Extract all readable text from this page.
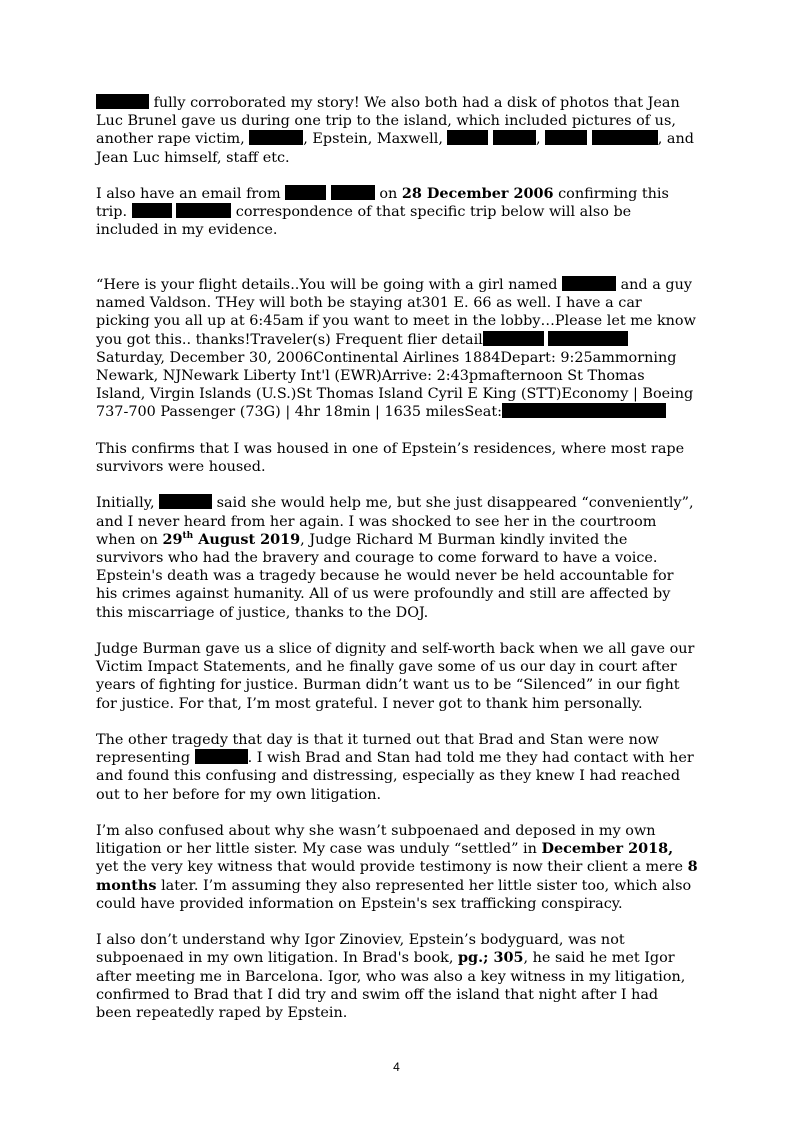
fully corroborated my story! We also both had a disk of photos that Jean Luc Brunel gave us during one trip to the island, which included pictures of us, another rape victim,	, Epstein, Maxwell,	,	, and Jean Luc himself, staff etc.

I also have an email from	on 28 December 2006 confirming this trip.	correspondence of that specific trip below will also be included in my evidence.

“Here is your flight details..You will be going with a girl named	and a guy named Valdson. THey will both be staying at301 E. 66 as well. I have a car picking you all up at 6:45am if you want to meet in the lobby…Please let me know you got this.. thanks!Traveler(s) Frequent flier detail  Saturday, December 30, 2006Continental Airlines 1884Depart: 9:25ammorning Newark, NJNewark Liberty Int'l (EWR)Arrive: 2:43pmafternoon St Thomas Island, Virgin Islands (U.S.)St Thomas Island Cyril E King (STT)Economy | Boeing 737-700 Passenger (73G) | 4hr 18min | 1635 milesSeat:

This confirms that I was housed in one of Epstein’s residences, where most rape survivors were housed.

Initially,	said she would help me, but she just disappeared “conveniently”, and I never heard from her again. I was shocked to see her in the courtroom when on 29th August 2019, Judge Richard M Burman kindly invited the survivors who had the bravery and courage to come forward to have a voice. Epstein's death was a tragedy because he would never be held accountable for his crimes against humanity. All of us were profoundly and still are affected by this miscarriage of justice, thanks to the DOJ.

Judge Burman gave us a slice of dignity and self-worth back when we all gave our Victim Impact Statements, and he finally gave some of us our day in court after years of fighting for justice. Burman didn’t want us to be “Silenced” in our fight for justice. For that, I’m most grateful. I never got to thank him personally.

The other tragedy that day is that it turned out that Brad and Stan were now representing	. I wish Brad and Stan had told me they had contact with her and found this confusing and distressing, especially as they knew I had reached out to her before for my own litigation.

I’m also confused about why she wasn’t subpoenaed and deposed in my own litigation or her little sister. My case was unduly “settled” in December 2018, yet the very key witness that would provide testimony is now their client a mere 8 months later. I’m assuming they also represented her little sister too, which also could have provided information on Epstein's sex trafficking conspiracy.

I also don’t understand why Igor Zinoviev, Epstein’s bodyguard, was not subpoenaed in my own litigation. In Brad's book, pg.; 305, he said he met Igor after meeting me in Barcelona. Igor, who was also a key witness in my litigation, confirmed to Brad that I did try and swim off the island that night after I had been repeatedly raped by Epstein.

4
